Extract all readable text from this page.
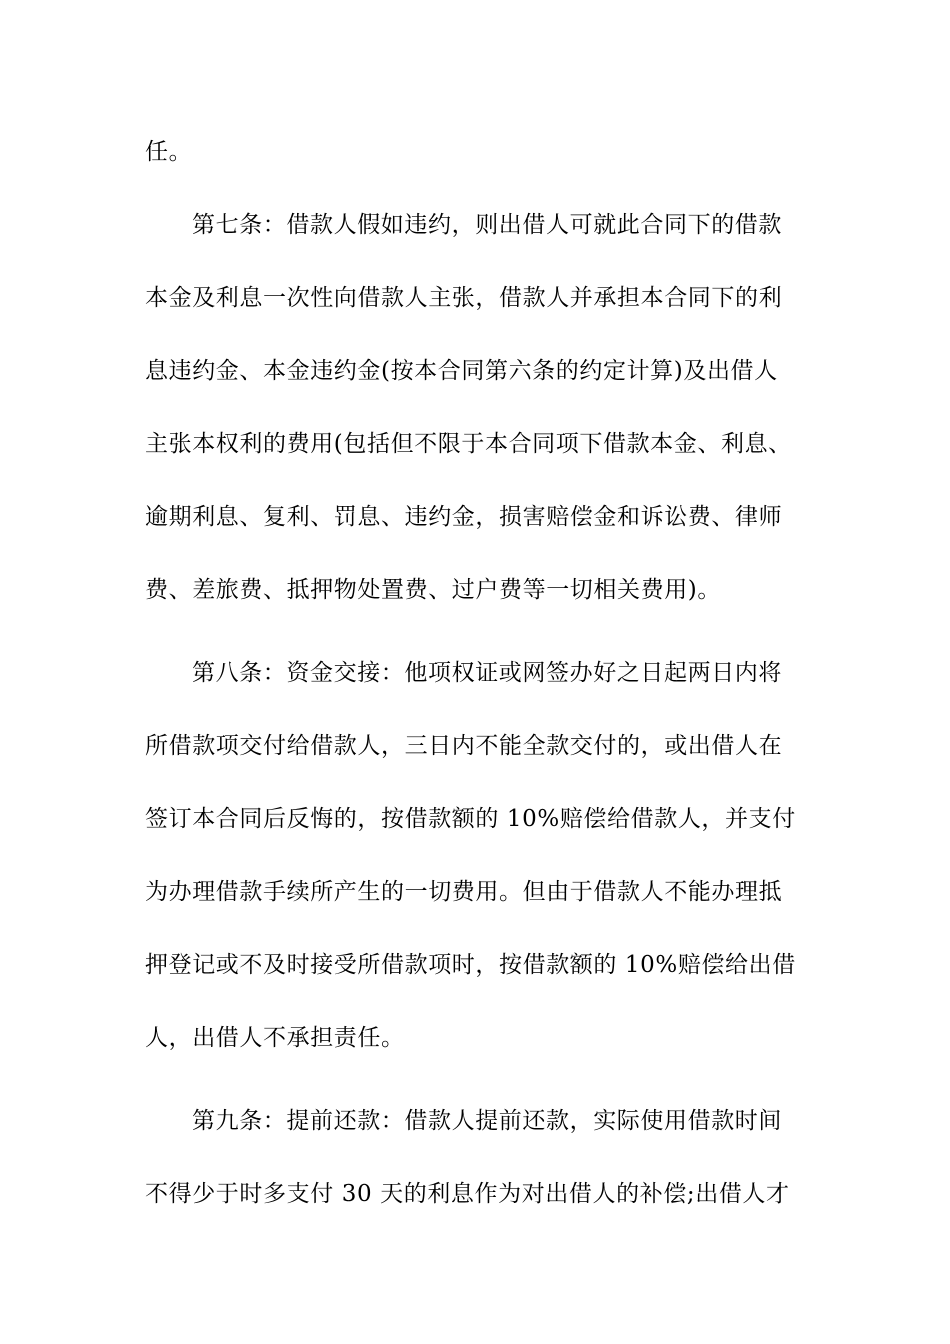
任。
第七条：借款人假如违约，则出借人可就此合同下的借款
本金及利息一次性向借款人主张，借款人并承担本合同下的利
息违约金、本金违约金(按本合同第六条的约定计算)及出借人
主张本权利的费用(包括但不限于本合同项下借款本金、利息、
逾期利息、复利、罚息、违约金，损害赔偿金和诉讼费、律师
费、差旅费、抵押物处置费、过户费等一切相关费用)。
第八条：资金交接：他项权证或网签办好之日起两日内将
所借款项交付给借款人，三日内不能全款交付的，或出借人在
签订本合同后反悔的，按借款额的 10%赔偿给借款人，并支付
为办理借款手续所产生的一切费用。但由于借款人不能办理抵
押登记或不及时接受所借款项时，按借款额的 10%赔偿给出借
人，出借人不承担责任。
第九条：提前还款：借款人提前还款，实际使用借款时间
不得少于时多支付 30 天的利息作为对出借人的补偿;出借人才
